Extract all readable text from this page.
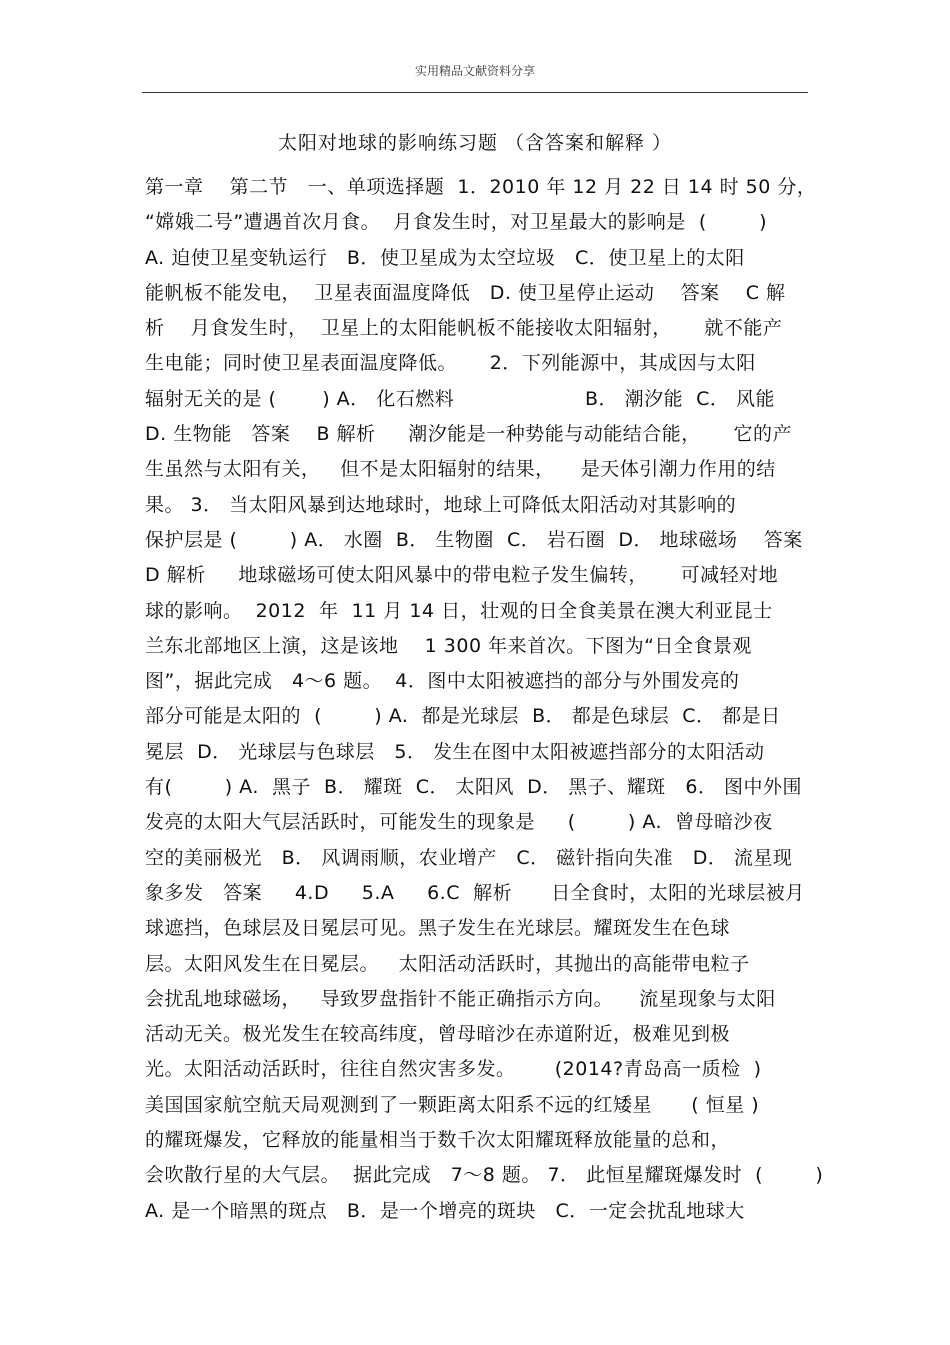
实用精品文献资料分享
太阳对地球的影响练习题 （含答案和解释 ）
第一章    第二节   一、单项选择题  1．2010 年 12 月 22 日 14 时 50 分，
“嫦娥二号”遭遇首次月食。  月食发生时，对卫星最大的影响是  (        )
A. 迫使卫星变轨运行   B．使卫星成为太空垃圾   C．使卫星上的太阳
能帆板不能发电，  卫星表面温度降低   D. 使卫星停止运动    答案    C 解
析    月食发生时，  卫星上的太阳能帆板不能接收太阳辐射，     就不能产
生电能；同时使卫星表面温度降低。     2．下列能源中，其成因与太阳
辐射无关的是 (       ) A． 化石燃料                    B． 潮汐能  C． 风能
D. 生物能   答案    B 解析     潮汐能是一种势能与动能结合能，     它的产
生虽然与太阳有关，   但不是太阳辐射的结果，    是天体引潮力作用的结
果。 3． 当太阳风暴到达地球时，地球上可降低太阳活动对其影响的
保护层是 (        ) A． 水圈  B． 生物圈  C． 岩石圈  D． 地球磁场    答案
D 解析     地球磁场可使太阳风暴中的带电粒子发生偏转，     可减轻对地
球的影响。  2012  年  11 月 14 日，壮观的日全食美景在澳大利亚昆士
兰东北部地区上演，这是该地    1 300 年来首次。下图为“日全食景观
图”，据此完成   4～6 题。  4．图中太阳被遮挡的部分与外围发亮的
部分可能是太阳的  (        ) A.  都是光球层  B． 都是色球层  C． 都是日
冕层  D． 光球层与色球层   5． 发生在图中太阳被遮挡部分的太阳活动
有(        ) A.  黑子  B． 耀斑  C． 太阳风  D． 黑子、耀斑   6． 图中外围
发亮的太阳大气层活跃时，可能发生的现象是     (        ) A.  曾母暗沙夜
空的美丽极光   B． 风调雨顺，农业增产   C． 磁针指向失准   D． 流星现
象多发   答案     4.D     5.A     6.C  解析      日全食时，太阳的光球层被月
球遮挡，色球层及日冕层可见。黑子发生在光球层。耀斑发生在色球
层。太阳风发生在日冕层。   太阳活动活跃时，其抛出的高能带电粒子
会扰乱地球磁场，   导致罗盘指针不能正确指示方向。    流星现象与太阳
活动无关。极光发生在较高纬度，曾母暗沙在赤道附近，极难见到极
光。太阳活动活跃时，往往自然灾害多发。      (2014?青岛高一质检  )
美国国家航空航天局观测到了一颗距离太阳系不远的红矮星      ( 恒星 )
的耀斑爆发，它释放的能量相当于数千次太阳耀斑释放能量的总和，
会吹散行星的大气层。  据此完成   7～8 题。 7． 此恒星耀斑爆发时  (        )
A. 是一个暗黑的斑点   B．是一个增亮的斑块   C．一定会扰乱地球大
